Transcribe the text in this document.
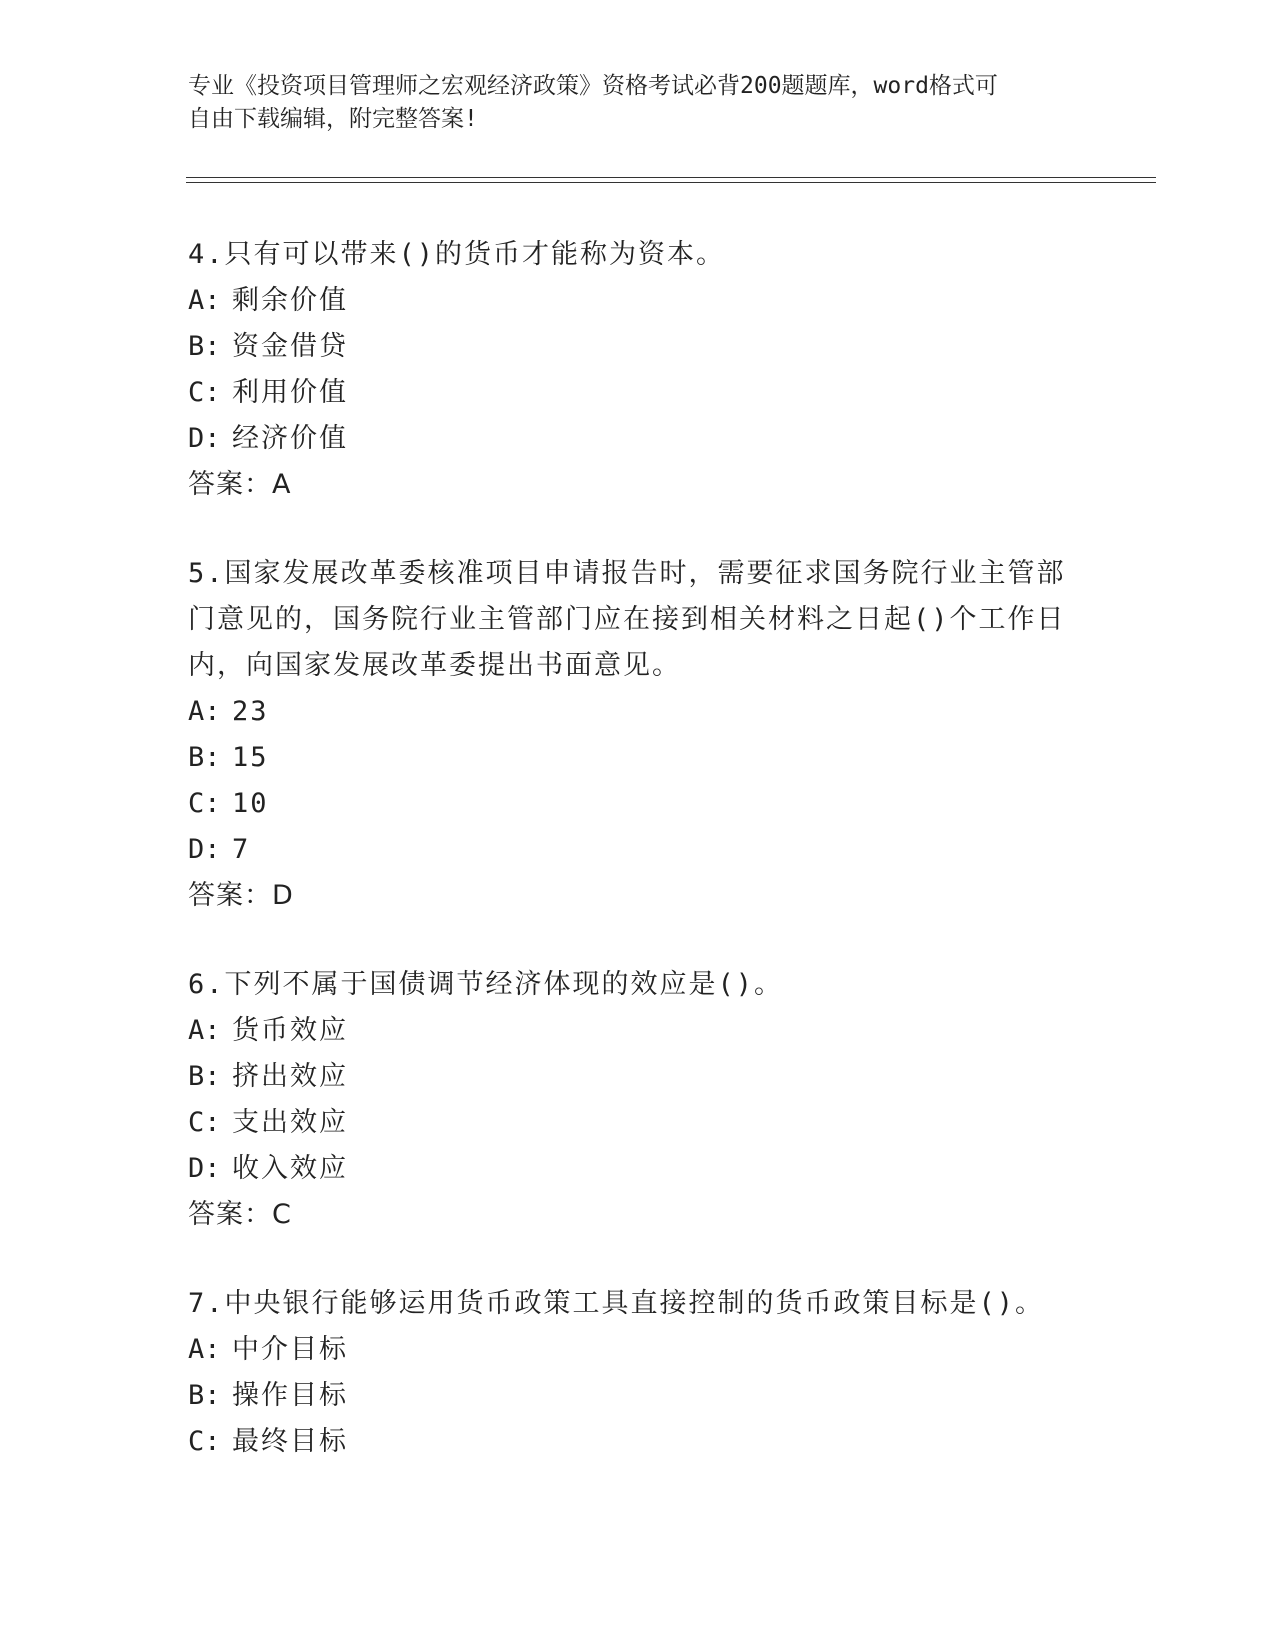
专业《投资项目管理师之宏观经济政策》资格考试必背200题题库，word格式可
自由下载编辑，附完整答案!
4.只有可以带来()的货币才能称为资本。
A: 剩余价值
B: 资金借贷
C: 利用价值
D: 经济价值
答案：A
5.国家发展改革委核准项目申请报告时，需要征求国务院行业主管部门意见的，国务院行业主管部门应在接到相关材料之日起()个工作日内，向国家发展改革委提出书面意见。
A: 23
B: 15
C: 10
D: 7
答案：D
6.下列不属于国债调节经济体现的效应是()。
A: 货币效应
B: 挤出效应
C: 支出效应
D: 收入效应
答案：C
7.中央银行能够运用货币政策工具直接控制的货币政策目标是()。
A: 中介目标
B: 操作目标
C: 最终目标
